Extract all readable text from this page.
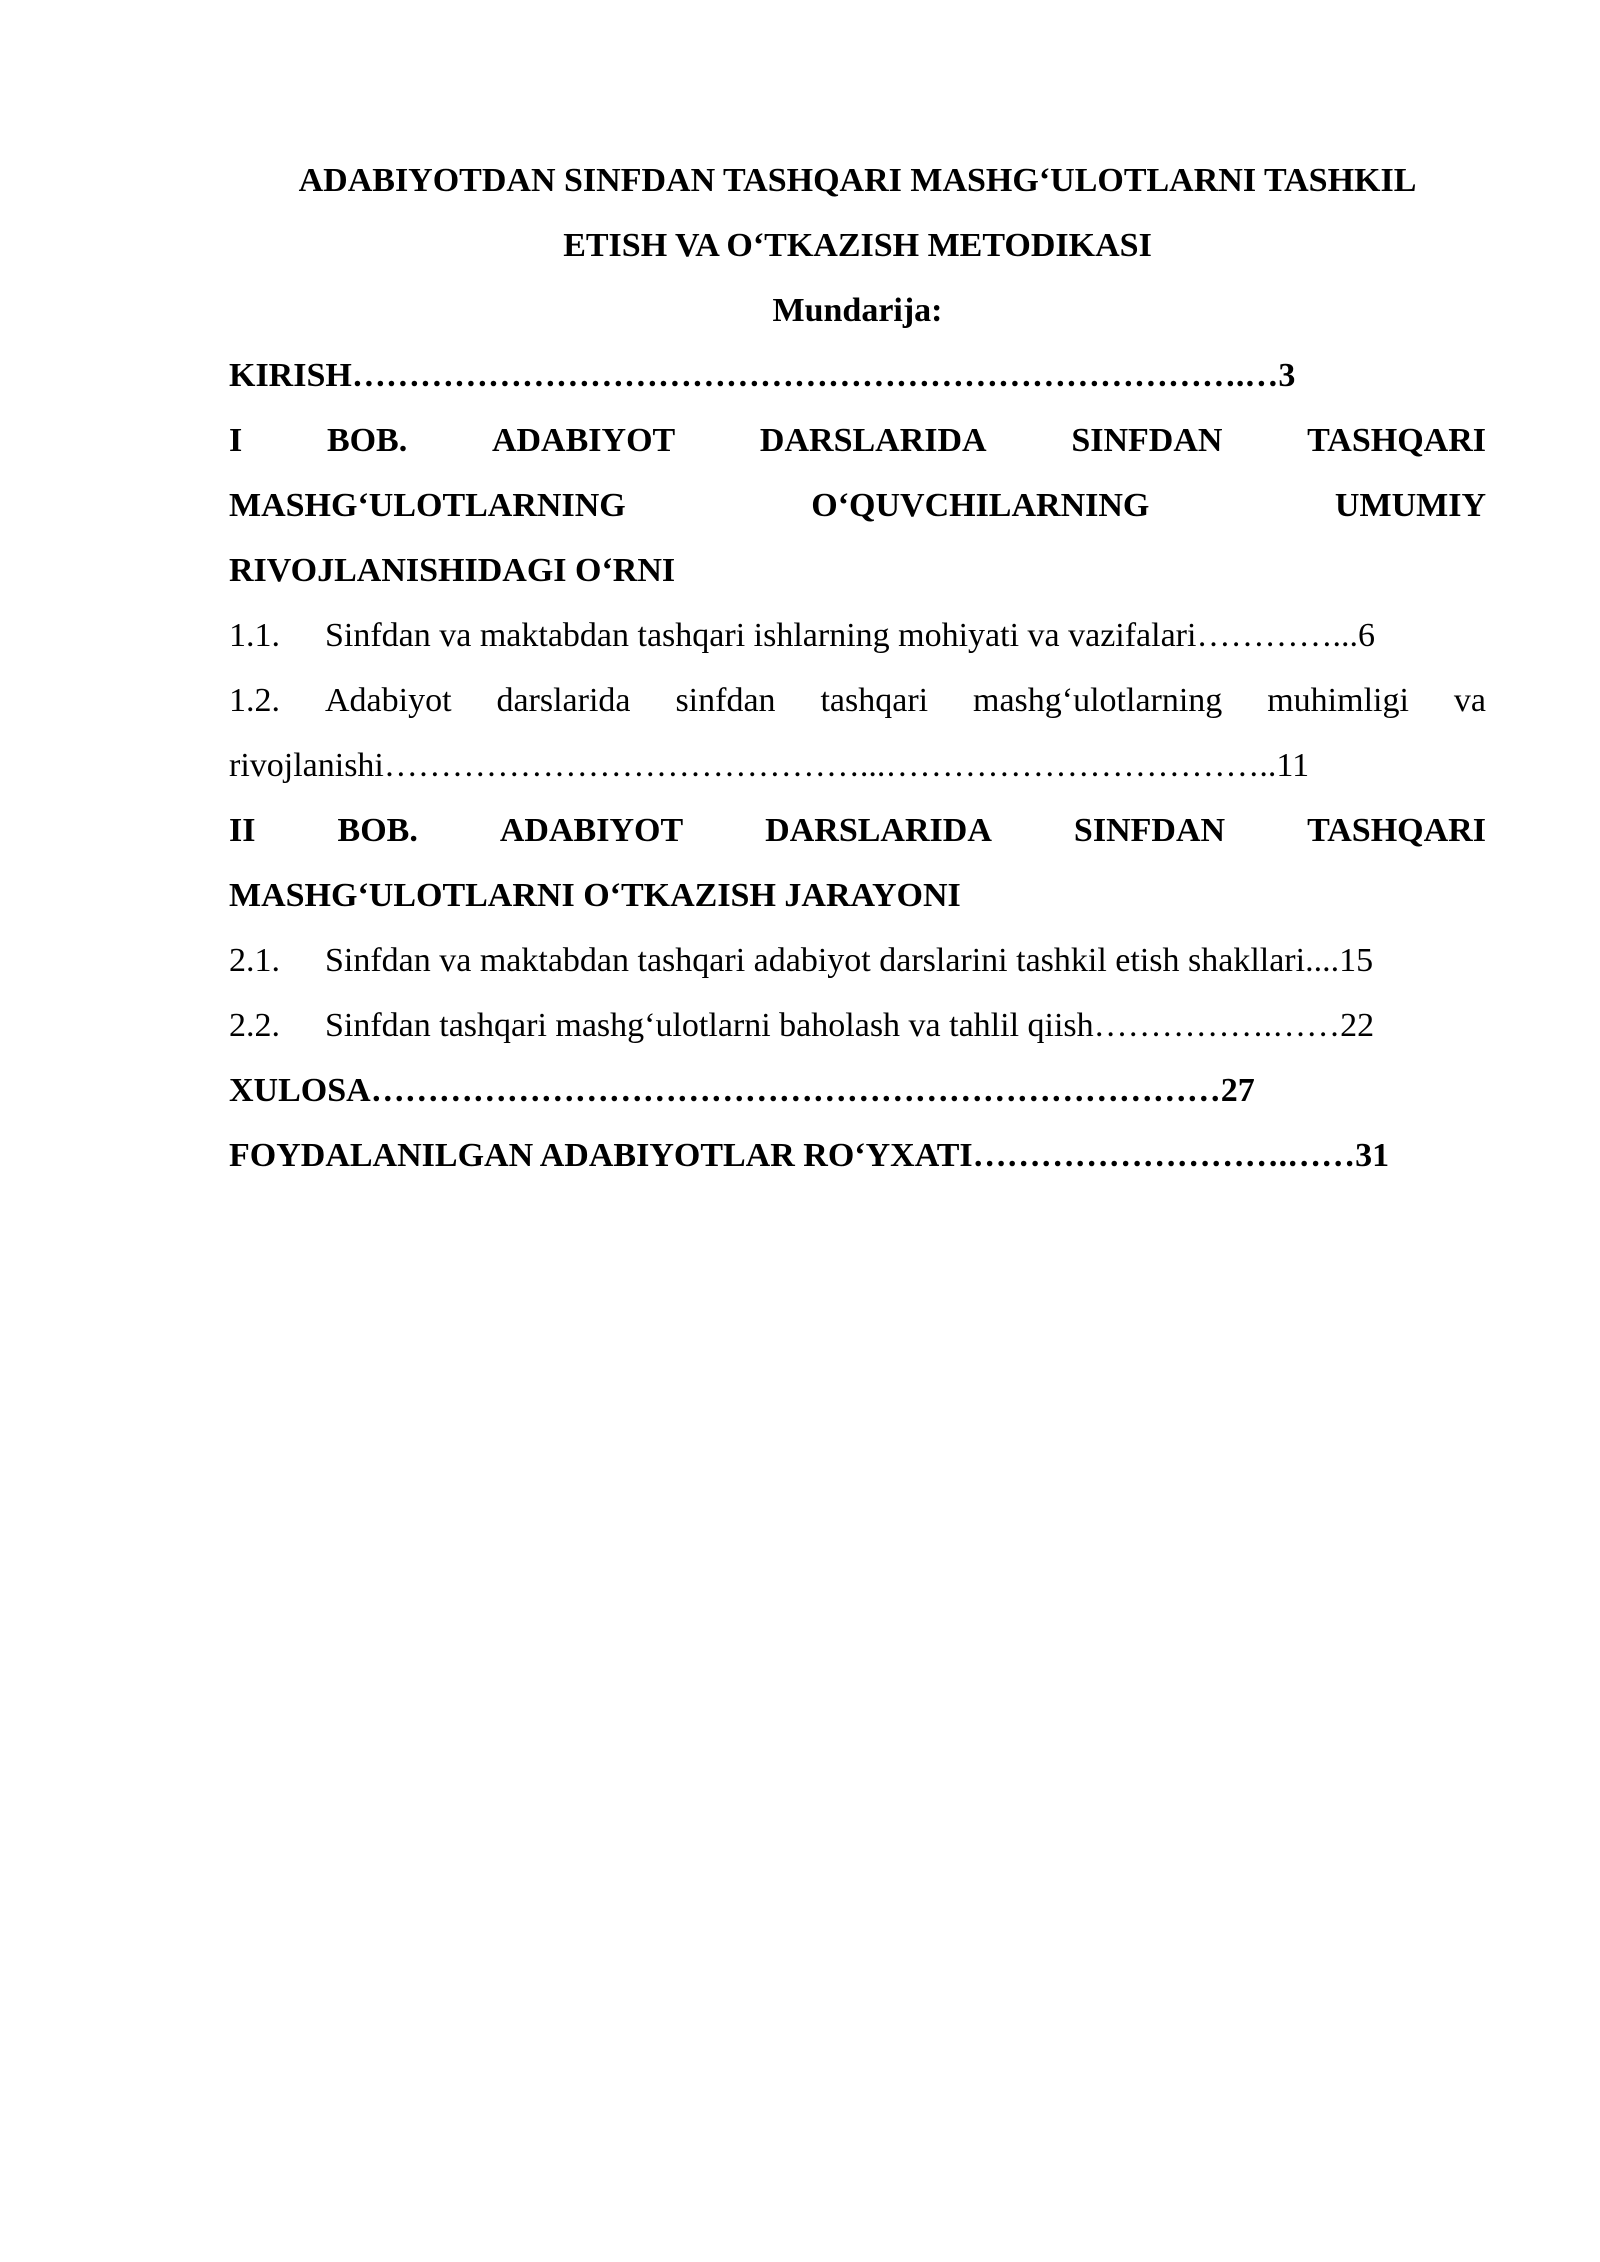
ADABIYOTDAN SINFDAN TASHQARI MASHG‘ULOTLARNI TASHKIL
ETISH VA O‘TKAZISH METODIKASI
Mundarija:
KIRISH…………………………………………………………………….…3
I BOB. ADABIYOT DARSLARIDA SINFDAN TASHQARI
MASHG‘ULOTLARNING	O‘QUVCHILARNING	UMUMIY
RIVOJLANISHIDAGI O‘RNI
1.1.	Sinfdan va maktabdan tashqari ishlarning mohiyati va vazifalari…………...6
1.2.	Adabiyot darslarida sinfdan tashqari mashg‘ulotlarning muhimligi va
rivojlanishi……………………………………...……………………………..11
II BOB. ADABIYOT DARSLARIDA SINFDAN TASHQARI
MASHG‘ULOTLARNI O‘TKAZISH JARAYONI
2.1.	Sinfdan va maktabdan tashqari adabiyot darslarini tashkil etish shakllari....15
2.2.	Sinfdan tashqari mashg‘ulotlarni baholash va tahlil qiish…………….……22
XULOSA…………………………………………………………………27
FOYDALANILGAN ADABIYOTLAR RO‘YXATI……………………….……31
